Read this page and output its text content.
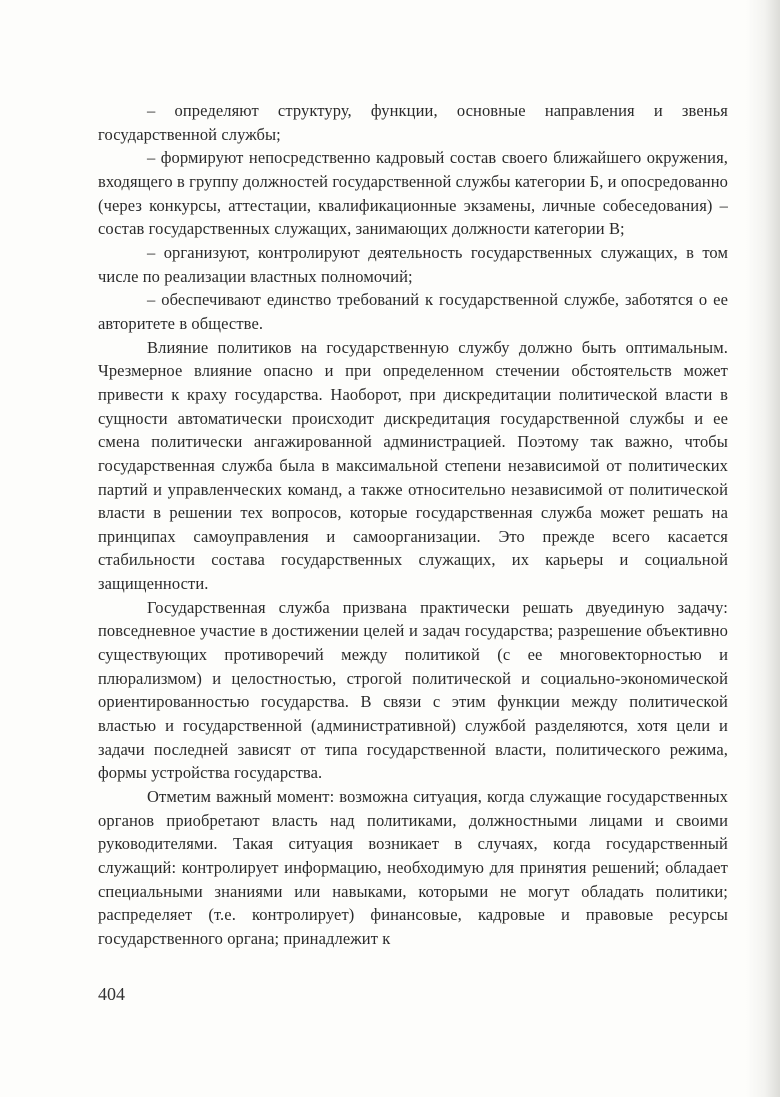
– определяют структуру, функции, основные направления и звенья государственной службы;

– формируют непосредственно кадровый состав своего ближайшего окружения, входящего в группу должностей государственной службы категории Б, и опосредованно (через конкурсы, аттестации, квалификационные экзамены, личные собеседования) – состав государственных служащих, занимающих должности категории В;

– организуют, контролируют деятельность государственных служащих, в том числе по реализации властных полномочий;

– обеспечивают единство требований к государственной службе, заботятся о ее авторитете в обществе.

Влияние политиков на государственную службу должно быть оптимальным. Чрезмерное влияние опасно и при определенном стечении обстоятельств может привести к краху государства. Наоборот, при дискредитации политической власти в сущности автоматически происходит дискредитация государственной службы и ее смена политически ангажированной администрацией. Поэтому так важно, чтобы государственная служба была в максимальной степени независимой от политических партий и управленческих команд, а также относительно независимой от политической власти в решении тех вопросов, которые государственная служба может решать на принципах самоуправления и самоорганизации. Это прежде всего касается стабильности состава государственных служащих, их карьеры и социальной защищенности.

Государственная служба призвана практически решать двуединую задачу: повседневное участие в достижении целей и задач государства; разрешение объективно существующих противоречий между политикой (с ее многовекторностью и плюрализмом) и целостностью, строгой политической и социально-экономической ориентированностью государства. В связи с этим функции между политической властью и государственной (административной) службой разделяются, хотя цели и задачи последней зависят от типа государственной власти, политического режима, формы устройства государства.

Отметим важный момент: возможна ситуация, когда служащие государственных органов приобретают власть над политиками, должностными лицами и своими руководителями. Такая ситуация возникает в случаях, когда государственный служащий: контролирует информацию, необходимую для принятия решений; обладает специальными знаниями или навыками, которыми не могут обладать политики; распределяет (т.е. контролирует) финансовые, кадровые и правовые ресурсы государственного органа; принадлежит к

404
